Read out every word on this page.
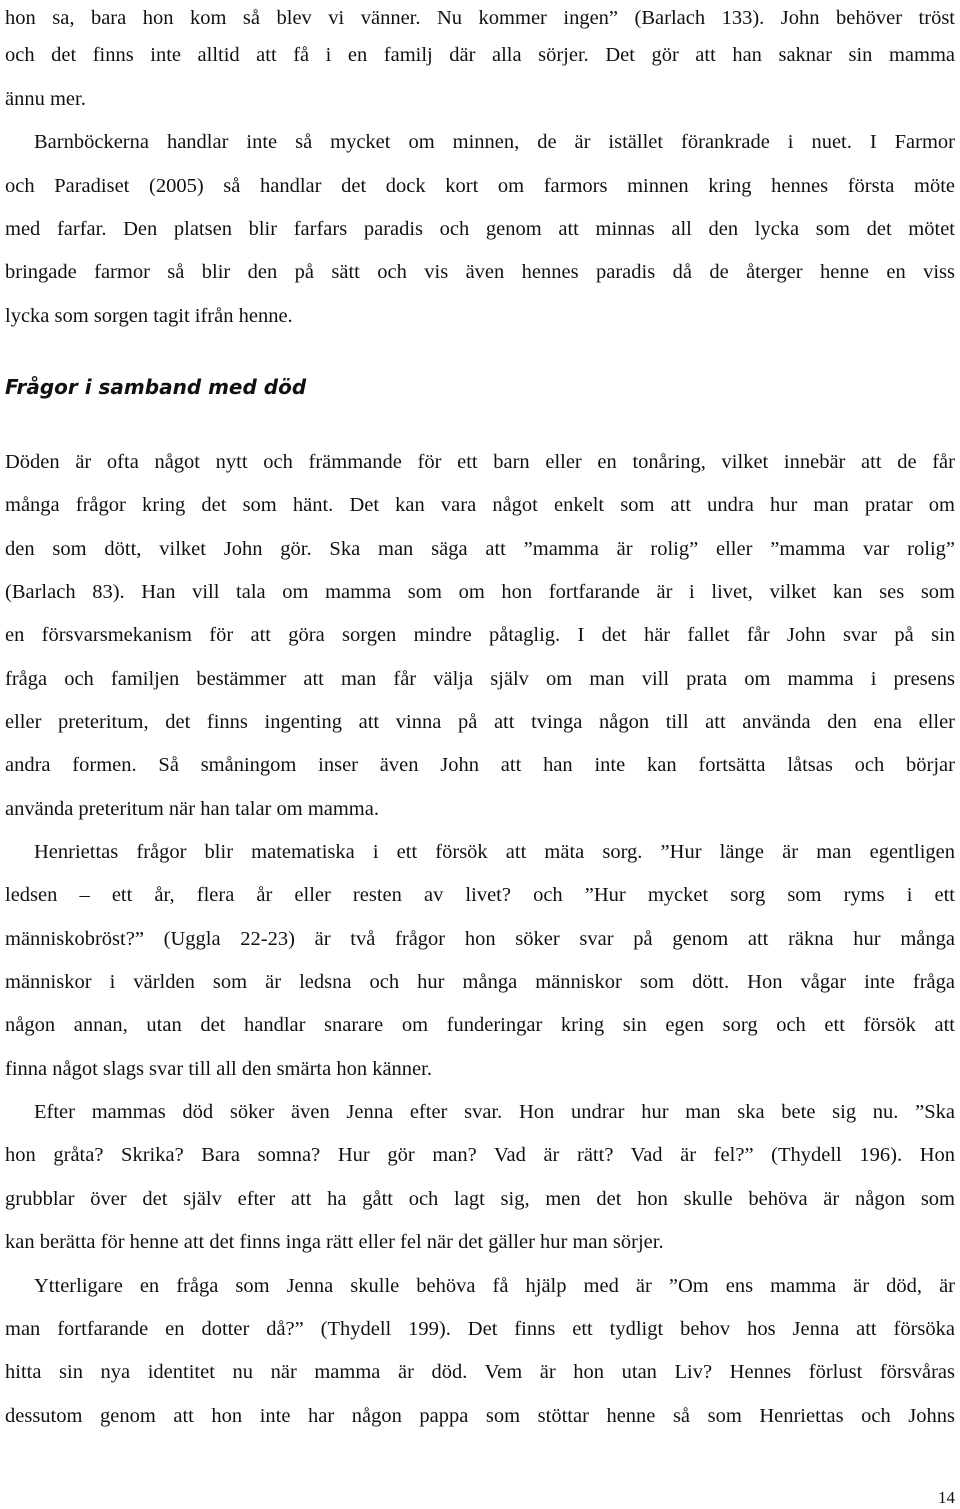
hon sa, bara hon kom så blev vi vänner. Nu kommer ingen” (Barlach 133). John behöver tröst
och det finns inte alltid att få i en familj där alla sörjer. Det gör att han saknar sin mamma
ännu mer.
Barnböckerna handlar inte så mycket om minnen, de är istället förankrade i nuet. I Farmor
och Paradiset (2005) så handlar det dock kort om farmors minnen kring hennes första möte
med farfar. Den platsen blir farfars paradis och genom att minnas all den lycka som det mötet
bringade farmor så blir den på sätt och vis även hennes paradis då de återger henne en viss
lycka som sorgen tagit ifrån henne.
Frågor i samband med död
Döden är ofta något nytt och främmande för ett barn eller en tonåring, vilket innebär att de får
många frågor kring det som hänt. Det kan vara något enkelt som att undra hur man pratar om
den som dött, vilket John gör. Ska man säga att ”mamma är rolig” eller ”mamma var rolig”
(Barlach 83). Han vill tala om mamma som om hon fortfarande är i livet, vilket kan ses som
en försvarsmekanism för att göra sorgen mindre påtaglig. I det här fallet får John svar på sin
fråga och familjen bestämmer att man får välja själv om man vill prata om mamma i presens
eller preteritum, det finns ingenting att vinna på att tvinga någon till att använda den ena eller
andra formen. Så småningom inser även John att han inte kan fortsätta låtsas och börjar
använda preteritum när han talar om mamma.
Henriettas frågor blir matematiska i ett försök att mäta sorg. ”Hur länge är man egentligen
ledsen – ett år, flera år eller resten av livet? och ”Hur mycket sorg som ryms i ett
människobröst?” (Uggla 22-23) är två frågor hon söker svar på genom att räkna hur många
människor i världen som är ledsna och hur många människor som dött. Hon vågar inte fråga
någon annan, utan det handlar snarare om funderingar kring sin egen sorg och ett försök att
finna något slags svar till all den smärta hon känner.
Efter mammas död söker även Jenna efter svar. Hon undrar hur man ska bete sig nu. ”Ska
hon gråta? Skrika? Bara somna? Hur gör man? Vad är rätt? Vad är fel?” (Thydell 196). Hon
grubblar över det själv efter att ha gått och lagt sig, men det hon skulle behöva är någon som
kan berätta för henne att det finns inga rätt eller fel när det gäller hur man sörjer.
Ytterligare en fråga som Jenna skulle behöva få hjälp med är ”Om ens mamma är död, är
man fortfarande en dotter då?” (Thydell 199). Det finns ett tydligt behov hos Jenna att försöka
hitta sin nya identitet nu när mamma är död. Vem är hon utan Liv? Hennes förlust försvåras
dessutom genom att hon inte har någon pappa som stöttar henne så som Henriettas och Johns
14
